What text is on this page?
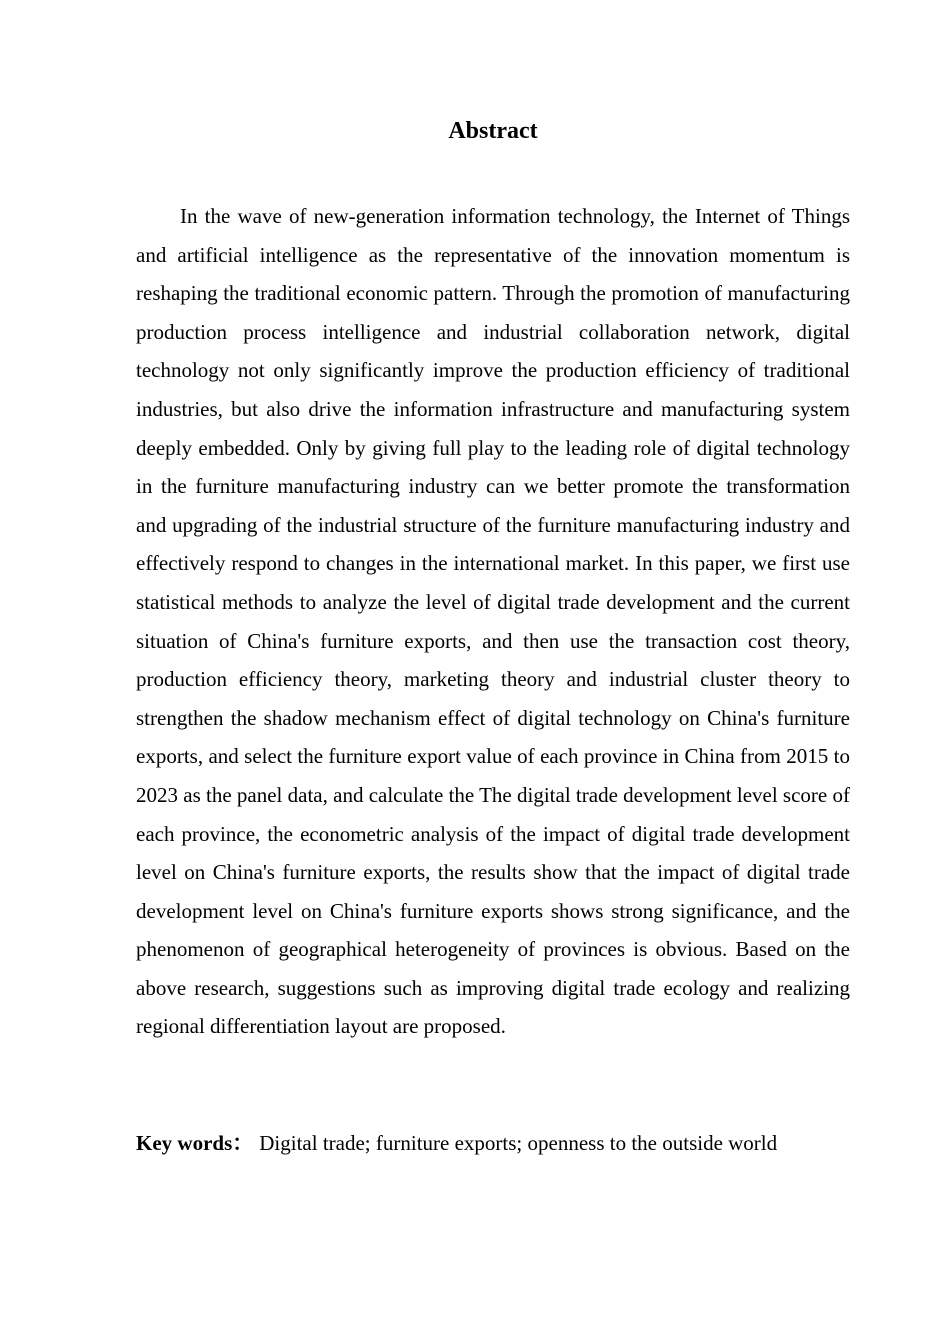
Abstract

In the wave of new-generation information technology, the Internet of Things and artificial intelligence as the representative of the innovation momentum is reshaping the traditional economic pattern. Through the promotion of manufacturing production process intelligence and industrial collaboration network, digital technology not only significantly improve the production efficiency of traditional industries, but also drive the information infrastructure and manufacturing system deeply embedded. Only by giving full play to the leading role of digital technology in the furniture manufacturing industry can we better promote the transformation and upgrading of the industrial structure of the furniture manufacturing industry and effectively respond to changes in the international market. In this paper, we first use statistical methods to analyze the level of digital trade development and the current situation of China's furniture exports, and then use the transaction cost theory, production efficiency theory, marketing theory and industrial cluster theory to strengthen the shadow mechanism effect of digital technology on China's furniture exports, and select the furniture export value of each province in China from 2015 to 2023 as the panel data, and calculate the The digital trade development level score of each province, the econometric analysis of the impact of digital trade development level on China's furniture exports, the results show that the impact of digital trade development level on China's furniture exports shows strong significance, and the phenomenon of geographical heterogeneity of provinces is obvious. Based on the above research, suggestions such as improving digital trade ecology and realizing regional differentiation layout are proposed.

Key words： Digital trade; furniture exports; openness to the outside world
